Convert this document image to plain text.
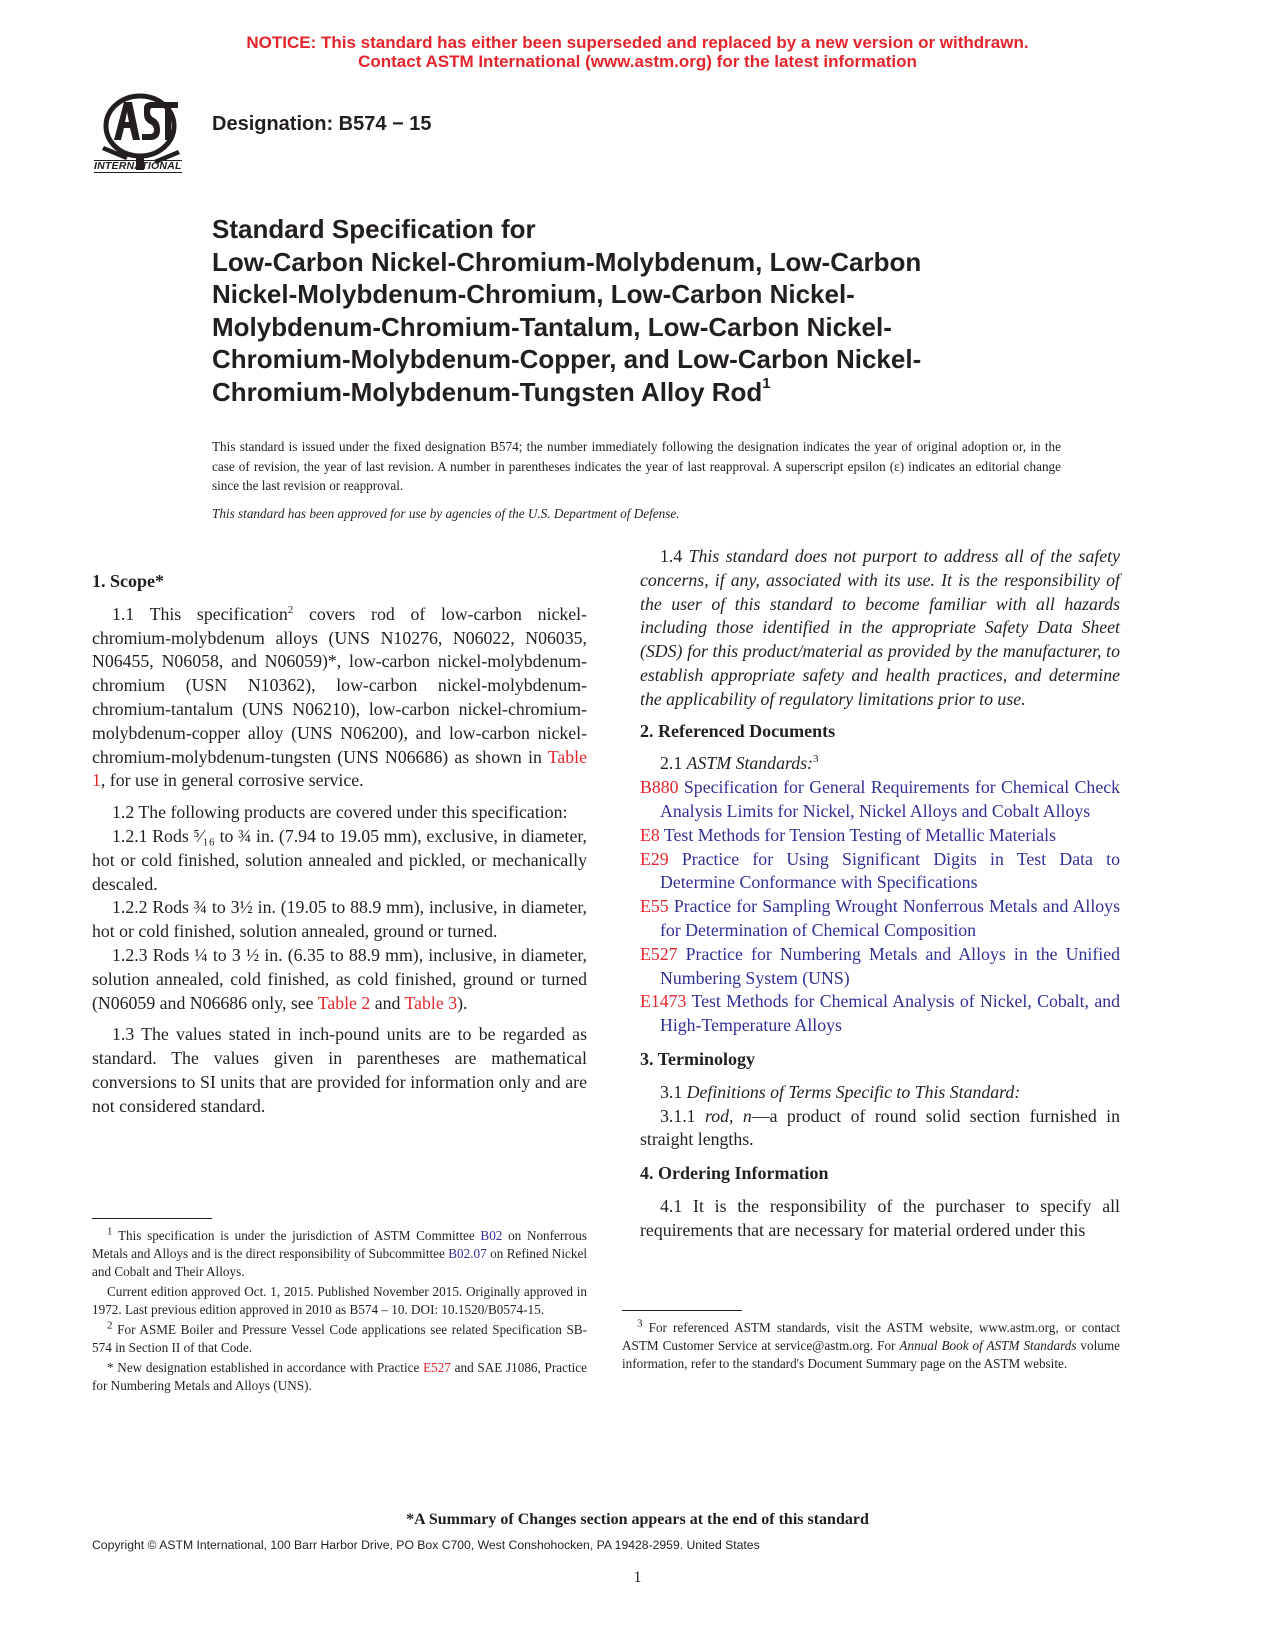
NOTICE: This standard has either been superseded and replaced by a new version or withdrawn.
Contact ASTM International (www.astm.org) for the latest information
INTERNATIONAL
Designation: B574 − 15
Standard Specification for
Low-Carbon Nickel-Chromium-Molybdenum, Low-Carbon
Nickel-Molybdenum-Chromium, Low-Carbon Nickel-
Molybdenum-Chromium-Tantalum, Low-Carbon Nickel-
Chromium-Molybdenum-Copper, and Low-Carbon Nickel-
Chromium-Molybdenum-Tungsten Alloy Rod$^1$
This standard is issued under the fixed designation B574; the number immediately following the designation indicates the year of original adoption or, in the case of revision, the year of last revision. A number in parentheses indicates the year of last reapproval. A superscript epsilon (ε) indicates an editorial change since the last revision or reapproval.
This standard has been approved for use by agencies of the U.S. Department of Defense.
1. Scope*

1.1 This specification$^2$ covers rod of low-carbon nickel-chromium-molybdenum alloys (UNS N10276, N06022, N06035, N06455, N06058, and N06059)*, low-carbon nickel-molybdenum-chromium (USN N10362), low-carbon nickel-molybdenum-chromium-tantalum (UNS N06210), low-carbon nickel-chromium-molybdenum-copper alloy (UNS N06200), and low-carbon nickel-chromium-molybdenum-tungsten (UNS N06686) as shown in Table 1, for use in general corrosive service.

1.2 The following products are covered under this specification:

1.2.1 Rods ⁵⁄₁₆ to ¾ in. (7.94 to 19.05 mm), exclusive, in diameter, hot or cold finished, solution annealed and pickled, or mechanically descaled.

1.2.2 Rods ¾ to 3½ in. (19.05 to 88.9 mm), inclusive, in diameter, hot or cold finished, solution annealed, ground or turned.

1.2.3 Rods ¼ to 3 ½ in. (6.35 to 88.9 mm), inclusive, in diameter, solution annealed, cold finished, as cold finished, ground or turned (N06059 and N06686 only, see Table 2 and Table 3).

1.3 The values stated in inch-pound units are to be regarded as standard. The values given in parentheses are mathematical conversions to SI units that are provided for information only and are not considered standard.

$^1$ This specification is under the jurisdiction of ASTM Committee B02 on Nonferrous Metals and Alloys and is the direct responsibility of Subcommittee B02.07 on Refined Nickel and Cobalt and Their Alloys.

Current edition approved Oct. 1, 2015. Published November 2015. Originally approved in 1972. Last previous edition approved in 2010 as B574 – 10. DOI: 10.1520/B0574-15.

$^2$ For ASME Boiler and Pressure Vessel Code applications see related Specification SB-574 in Section II of that Code.

* New designation established in accordance with Practice E527 and SAE J1086, Practice for Numbering Metals and Alloys (UNS).

1.4 This standard does not purport to address all of the safety concerns, if any, associated with its use. It is the responsibility of the user of this standard to become familiar with all hazards including those identified in the appropriate Safety Data Sheet (SDS) for this product/material as provided by the manufacturer, to establish appropriate safety and health practices, and determine the applicability of regulatory limitations prior to use.

2. Referenced Documents

2.1 ASTM Standards:$^3$

B880 Specification for General Requirements for Chemical Check Analysis Limits for Nickel, Nickel Alloys and Cobalt Alloys

E8 Test Methods for Tension Testing of Metallic Materials

E29 Practice for Using Significant Digits in Test Data to Determine Conformance with Specifications

E55 Practice for Sampling Wrought Nonferrous Metals and Alloys for Determination of Chemical Composition

E527 Practice for Numbering Metals and Alloys in the Unified Numbering System (UNS)

E1473 Test Methods for Chemical Analysis of Nickel, Cobalt, and High-Temperature Alloys

3. Terminology

3.1 Definitions of Terms Specific to This Standard:

3.1.1 rod, n—a product of round solid section furnished in straight lengths.

4. Ordering Information

4.1 It is the responsibility of the purchaser to specify all requirements that are necessary for material ordered under this

$^3$ For referenced ASTM standards, visit the ASTM website, www.astm.org, or contact ASTM Customer Service at service@astm.org. For Annual Book of ASTM Standards volume information, refer to the standard's Document Summary page on the ASTM website.

*A Summary of Changes section appears at the end of this standard
Copyright © ASTM International, 100 Barr Harbor Drive, PO Box C700, West Conshohocken, PA 19428-2959. United States
1
